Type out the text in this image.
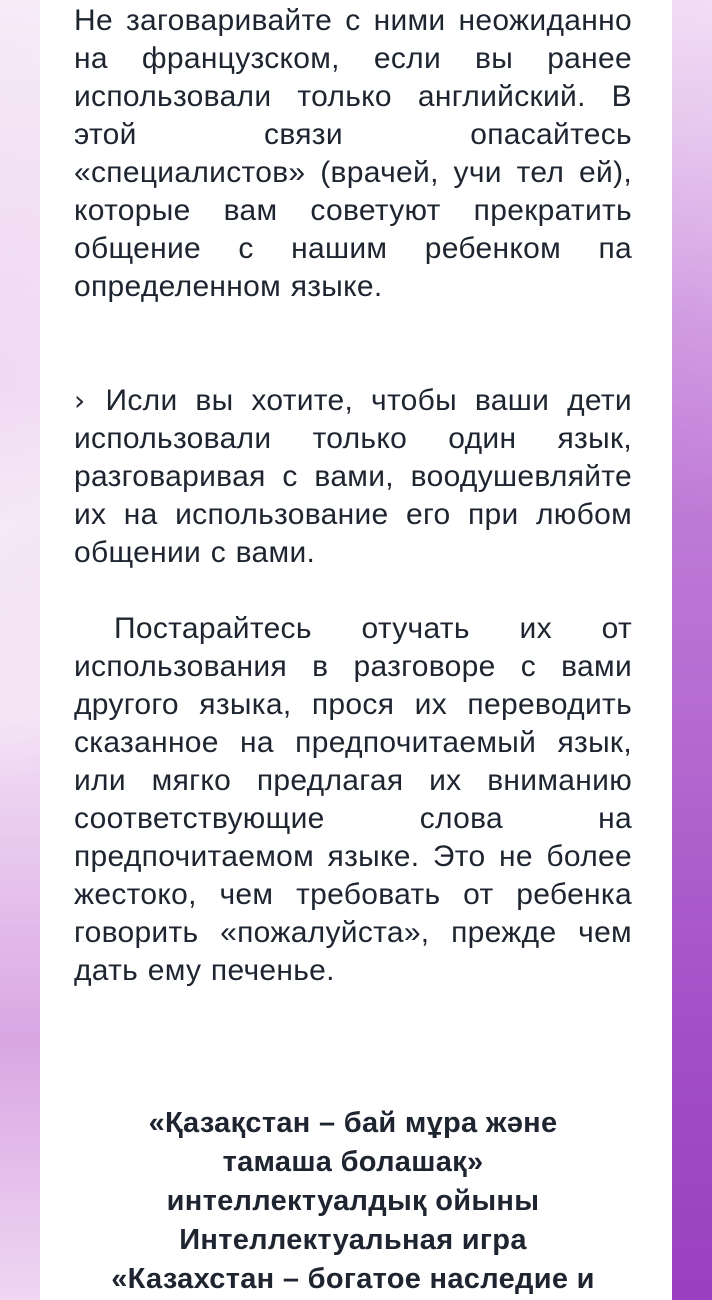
Не заговаривайте с ними неожиданно на французском, если вы ранее использовали только английский. В этой связи опасайтесь «специалистов» (врачей, учи тел ей), которые вам советуют прекратить общение с нашим ребенком па определенном языке.

› Исли вы хотите, чтобы ваши дети использовали только один язык, разговаривая с вами, воодушевляйте их на использование его при любом общении с вами.

Постарайтесь отучать их от использования в разговоре с вами другого языка, прося их переводить сказанное на предпочитаемый язык, или мягко предлагая их вниманию соответствующие слова на предпочитаемом языке. Это не более жестоко, чем требовать от ребенка говорить «пожалуйста», прежде чем дать ему печенье.

«Қазақстан – бай мұра және
тамаша болашақ»
интеллектуалдық ойыны
Интеллектуальная игра
«Казахстан – богатое наследие и
